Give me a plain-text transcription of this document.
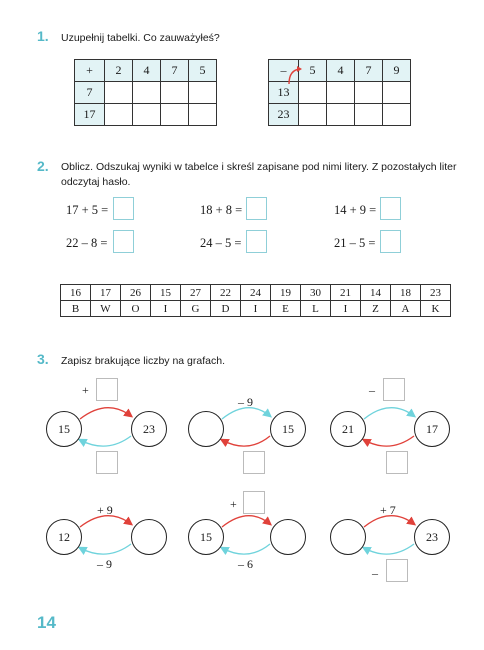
1. Uzupełnij tabelki. Co zauważyłeś?
+	2	4	7	5
7				
17				
–	5	4	7	9
13				
23				
2. Oblicz. Odszukaj wyniki w tabelce i skreśl zapisane pod nimi litery. Z pozostałych liter
odczytaj hasło.
17 + 5 =	18 + 8 =	14 + 9 =
22 – 8 =	24 – 5 =	21 – 5 =
16	17	26	15	27	22	24	19	30	21	14	18	23
B	W	O	I	G	D	I	E	L	I	Z	A	K
3. Zapisz brakujące liczby na grafach.
+
15	23
– 9
15
–
21	17
+ 9
12
– 9
+
15
– 6
+ 7
23
–
14
